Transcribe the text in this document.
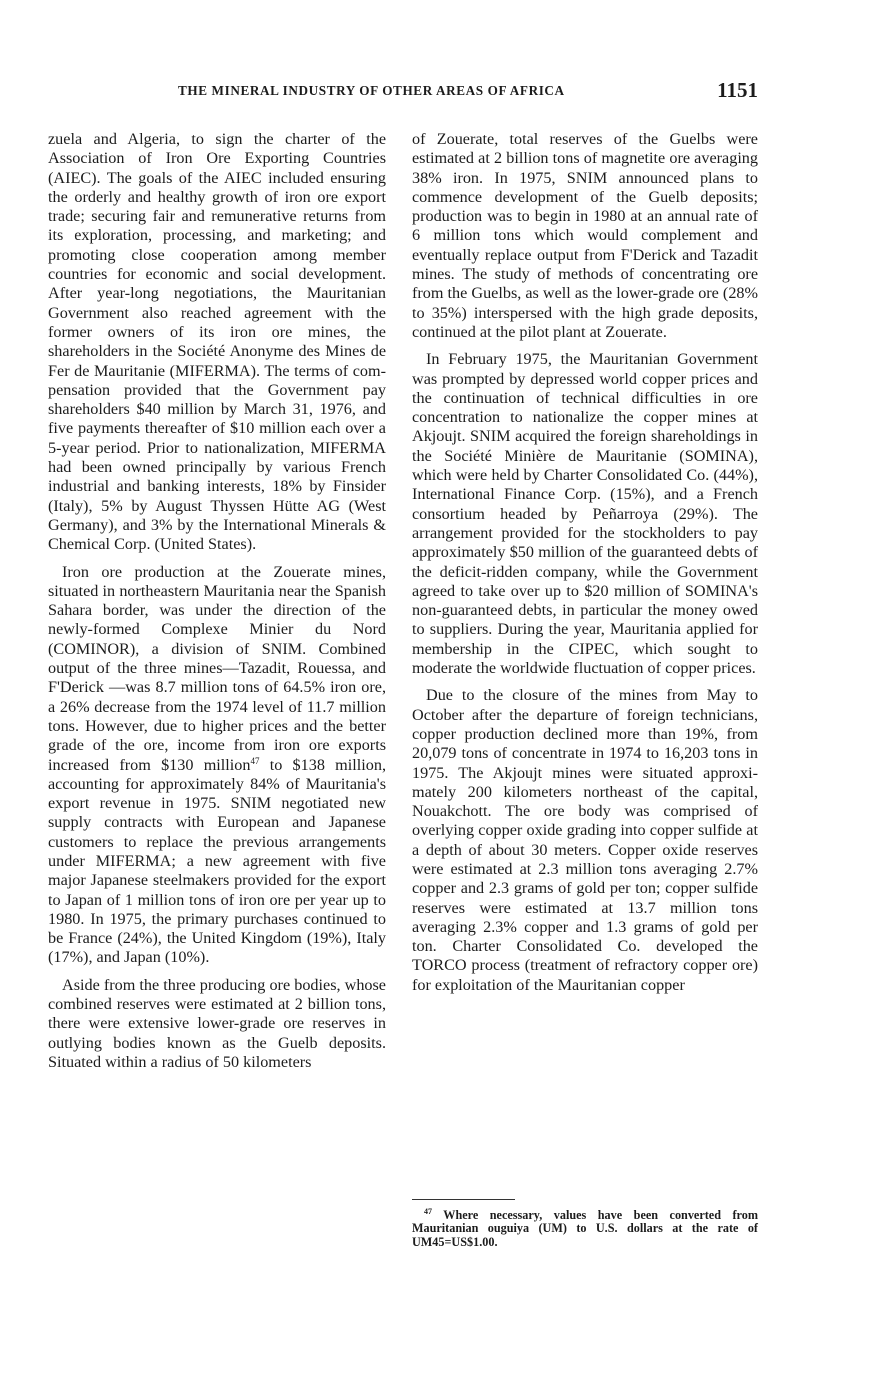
THE MINERAL INDUSTRY OF OTHER AREAS OF AFRICA	1151

zuela and Algeria, to sign the charter of the Association of Iron Ore Exporting Countries (AIEC). The goals of the AIEC included ensuring the orderly and healthy growth of iron ore export trade; securing fair and remunerative returns from its exploration, processing, and marketing; and promoting close cooperation among member countries for economic and social development. After year-long negotiations, the Mauritanian Government also reached agreement with the former owners of its iron ore mines, the shareholders in the Société Anonyme des Mines de Fer de Mauritanie (MIFERMA). The terms of compensation provided that the Government pay shareholders $40 million by March 31, 1976, and five payments thereafter of $10 million each over a 5-year period. Prior to nationalization, MIFERMA had been owned principally by various French industrial and banking interests, 18% by Finsider (Italy), 5% by August Thyssen Hütte AG (West Germany), and 3% by the International Minerals & Chemical Corp. (United States).

Iron ore production at the Zouerate mines, situated in northeastern Mauritania near the Spanish Sahara border, was under the direction of the newly-formed Complexe Minier du Nord (COMINOR), a division of SNIM. Combined output of the three mines—Tazadit, Rouessa, and F'Derick —was 8.7 million tons of 64.5% iron ore, a 26% decrease from the 1974 level of 11.7 million tons. However, due to higher prices and the better grade of the ore, income from iron ore exports increased from $130 million$^{47}$ to $138 million, accounting for approximately 84% of Mauritania's export revenue in 1975. SNIM negotiated new supply contracts with European and Japanese customers to replace the previous arrangements under MIFERMA; a new agreement with five major Japanese steelmakers provided for the export to Japan of 1 million tons of iron ore per year up to 1980. In 1975, the primary purchases continued to be France (24%), the United Kingdom (19%), Italy (17%), and Japan (10%).

Aside from the three producing ore bodies, whose combined reserves were estimated at 2 billion tons, there were extensive lower-grade ore reserves in outlying bodies known as the Guelb deposits. Situated within a radius of 50 kilometers

of Zouerate, total reserves of the Guelbs were estimated at 2 billion tons of magnetite ore averaging 38% iron. In 1975, SNIM announced plans to commence development of the Guelb deposits; production was to begin in 1980 at an annual rate of 6 million tons which would complement and eventually replace output from F'Derick and Tazadit mines. The study of methods of concentrating ore from the Guelbs, as well as the lower-grade ore (28% to 35%) interspersed with the high grade deposits, continued at the pilot plant at Zouerate.

In February 1975, the Mauritanian Government was prompted by depressed world copper prices and the continuation of technical difficulties in ore concentration to nationalize the copper mines at Akjoujt. SNIM acquired the foreign shareholdings in the Société Minière de Mauritanie (SOMINA), which were held by Charter Consolidated Co. (44%), International Finance Corp. (15%), and a French consortium headed by Peñarroya (29%). The arrangement provided for the stockholders to pay approximately $50 million of the guaranteed debts of the deficit-ridden company, while the Government agreed to take over up to $20 million of SOMINA's non-guaranteed debts, in particular the money owed to suppliers. During the year, Mauritania applied for membership in the CIPEC, which sought to moderate the worldwide fluctuation of copper prices.

Due to the closure of the mines from May to October after the departure of foreign technicians, copper production declined more than 19%, from 20,079 tons of concentrate in 1974 to 16,203 tons in 1975. The Akjoujt mines were situated approximately 200 kilometers northeast of the capital, Nouakchott. The ore body was comprised of overlying copper oxide grading into copper sulfide at a depth of about 30 meters. Copper oxide reserves were estimated at 2.3 million tons averaging 2.7% copper and 2.3 grams of gold per ton; copper sulfide reserves were estimated at 13.7 million tons averaging 2.3% copper and 1.3 grams of gold per ton. Charter Consolidated Co. developed the TORCO process (treatment of refractory copper ore) for exploitation of the Mauritanian copper

$^{47}$ Where necessary, values have been converted from Mauritanian ouguiya (UM) to U.S. dollars at the rate of UM45=US$1.00.
